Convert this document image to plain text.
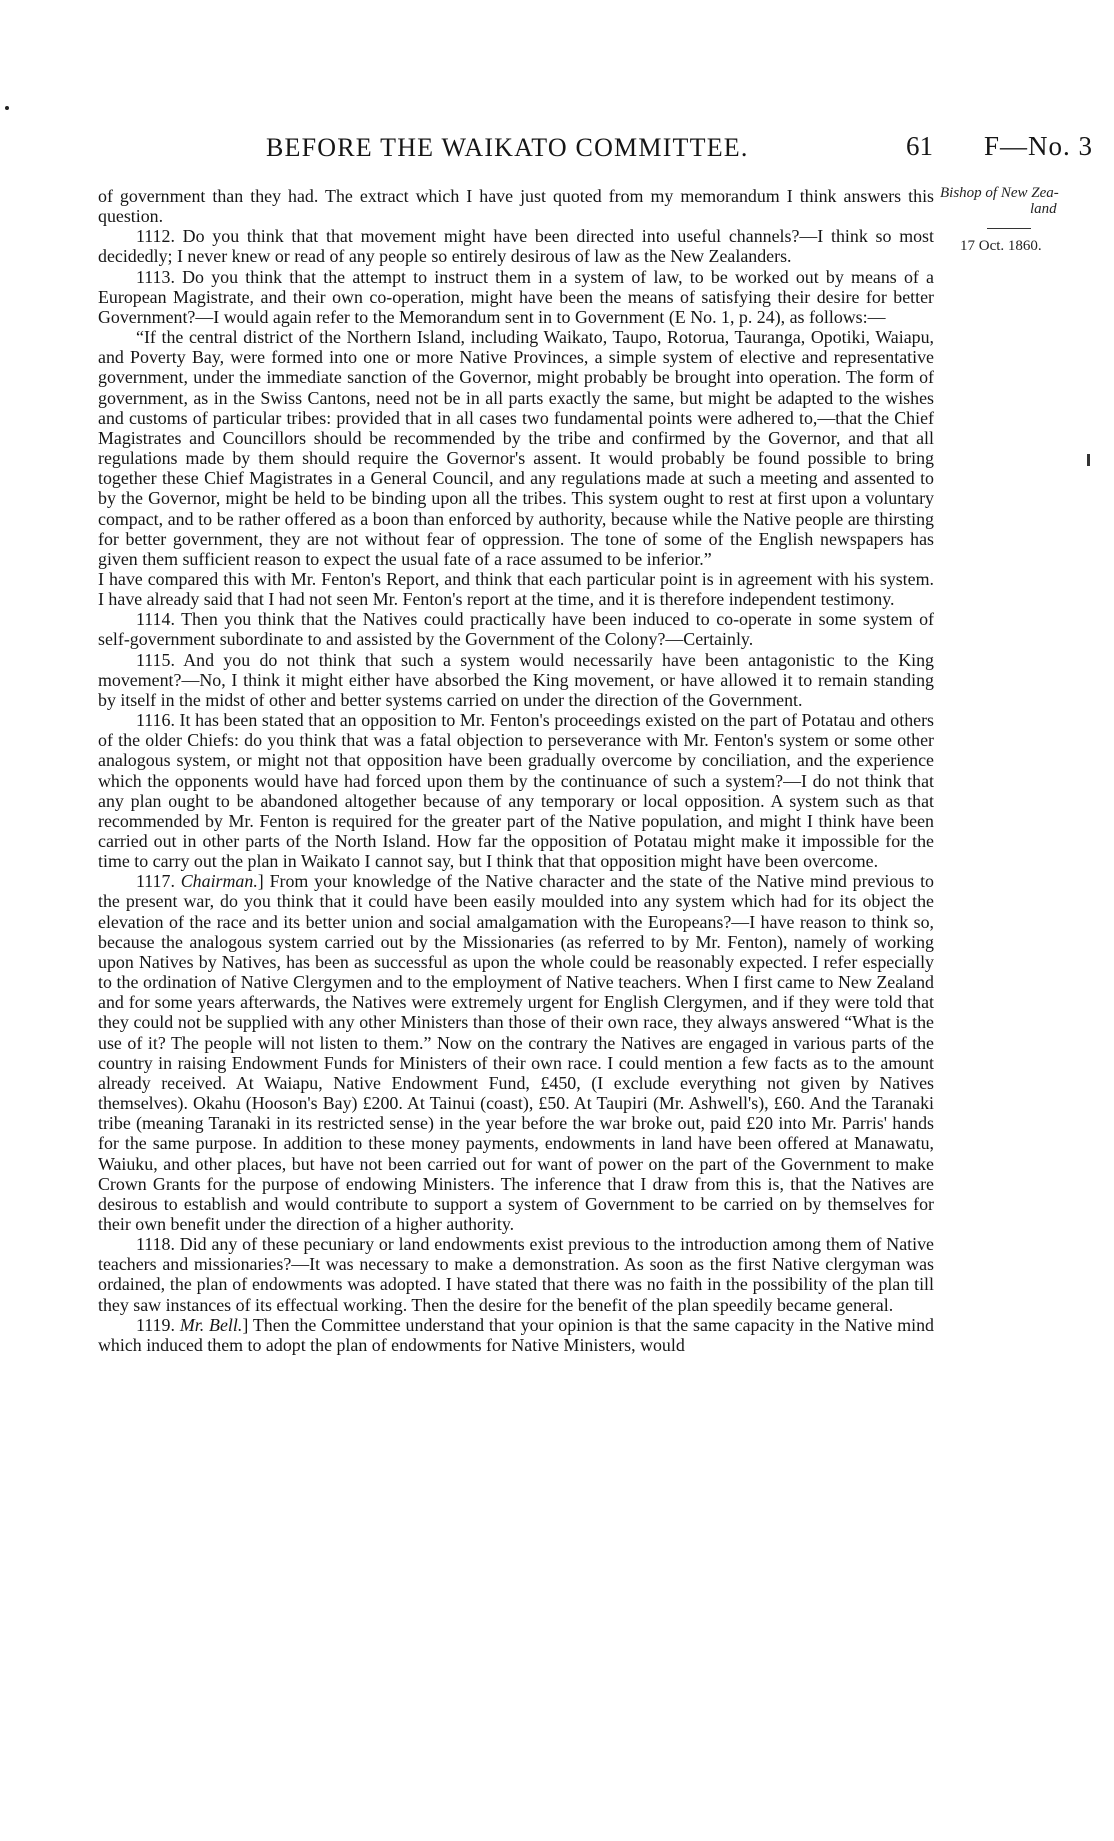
BEFORE THE WAIKATO COMMITTEE.	61 F—No. 3
Bishop of New Zea-
land
17 Oct. 1860.

of government than they had. The extract which I have just quoted from my memorandum I think answers this question.

1112. Do you think that that movement might have been directed into useful channels?—I think so most decidedly; I never knew or read of any people so entirely desirous of law as the New Zealanders.

1113. Do you think that the attempt to instruct them in a system of law, to be worked out by means of a European Magistrate, and their own co-operation, might have been the means of satisfying their desire for better Government?—I would again refer to the Memorandum sent in to Government (E No. 1, p. 24), as follows:—

“If the central district of the Northern Island, including Waikato, Taupo, Rotorua, Tauranga, Opotiki, Waiapu, and Poverty Bay, were formed into one or more Native Provinces, a simple system of elective and representative government, under the immediate sanction of the Governor, might probably be brought into operation. The form of government, as in the Swiss Cantons, need not be in all parts exactly the same, but might be adapted to the wishes and customs of particular tribes: provided that in all cases two fundamental points were adhered to,—that the Chief Magistrates and Councillors should be recommended by the tribe and confirmed by the Governor, and that all regulations made by them should require the Governor's assent. It would probably be found possible to bring together these Chief Magistrates in a General Council, and any regulations made at such a meeting and assented to by the Governor, might be held to be binding upon all the tribes. This system ought to rest at first upon a voluntary compact, and to be rather offered as a boon than enforced by authority, because while the Native people are thirsting for better government, they are not without fear of oppression. The tone of some of the English newspapers has given them sufficient reason to expect the usual fate of a race assumed to be inferior.”

I have compared this with Mr. Fenton's Report, and think that each particular point is in agreement with his system. I have already said that I had not seen Mr. Fenton's report at the time, and it is therefore independent testimony.

1114. Then you think that the Natives could practically have been induced to co-operate in some system of self-government subordinate to and assisted by the Government of the Colony?—Certainly.

1115. And you do not think that such a system would necessarily have been antagonistic to the King movement?—No, I think it might either have absorbed the King movement, or have allowed it to remain standing by itself in the midst of other and better systems carried on under the direction of the Government.

1116. It has been stated that an opposition to Mr. Fenton's proceedings existed on the part of Potatau and others of the older Chiefs: do you think that was a fatal objection to perseverance with Mr. Fenton's system or some other analogous system, or might not that opposition have been gradually overcome by conciliation, and the experience which the opponents would have had forced upon them by the continuance of such a system?—I do not think that any plan ought to be abandoned altogether because of any temporary or local opposition. A system such as that recommended by Mr. Fenton is required for the greater part of the Native population, and might I think have been carried out in other parts of the North Island. How far the opposition of Potatau might make it impossible for the time to carry out the plan in Waikato I cannot say, but I think that that opposition might have been overcome.

1117. Chairman.] From your knowledge of the Native character and the state of the Native mind previous to the present war, do you think that it could have been easily moulded into any system which had for its object the elevation of the race and its better union and social amalgamation with the Europeans?—I have reason to think so, because the analogous system carried out by the Missionaries (as referred to by Mr. Fenton), namely of working upon Natives by Natives, has been as successful as upon the whole could be reasonably expected. I refer especially to the ordination of Native Clergymen and to the employment of Native teachers. When I first came to New Zealand and for some years afterwards, the Natives were extremely urgent for English Clergymen, and if they were told that they could not be supplied with any other Ministers than those of their own race, they always answered “What is the use of it? The people will not listen to them.” Now on the contrary the Natives are engaged in various parts of the country in raising Endowment Funds for Ministers of their own race. I could mention a few facts as to the amount already received. At Waiapu, Native Endowment Fund, £450, (I exclude everything not given by Natives themselves). Okahu (Hooson's Bay) £200. At Tainui (coast), £50. At Taupiri (Mr. Ashwell's), £60. And the Taranaki tribe (meaning Taranaki in its restricted sense) in the year before the war broke out, paid £20 into Mr. Parris' hands for the same purpose. In addition to these money payments, endowments in land have been offered at Manawatu, Waiuku, and other places, but have not been carried out for want of power on the part of the Government to make Crown Grants for the purpose of endowing Ministers. The inference that I draw from this is, that the Natives are desirous to establish and would contribute to support a system of Government to be carried on by themselves for their own benefit under the direction of a higher authority.

1118. Did any of these pecuniary or land endowments exist previous to the introduction among them of Native teachers and missionaries?—It was necessary to make a demonstration. As soon as the first Native clergyman was ordained, the plan of endowments was adopted. I have stated that there was no faith in the possibility of the plan till they saw instances of its effectual working. Then the desire for the benefit of the plan speedily became general.

1119. Mr. Bell.] Then the Committee understand that your opinion is that the same capacity in the Native mind which induced them to adopt the plan of endowments for Native Ministers, would
